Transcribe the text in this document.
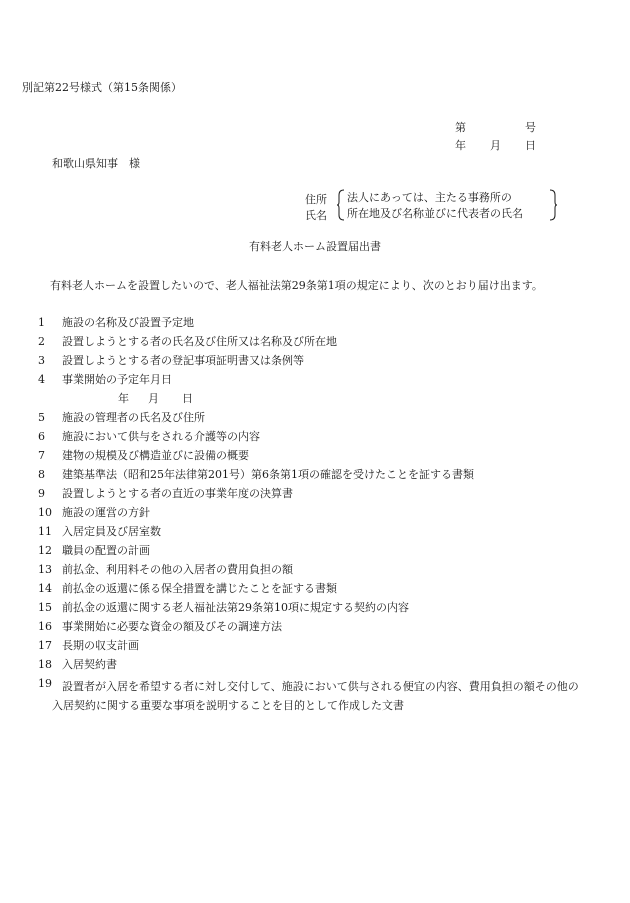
別記第22号様式（第15条関係）
第	号
年 月 日
和歌山県知事　様
住所
氏名
法人にあっては、主たる事務所の
所在地及び名称並びに代表者の氏名
有料老人ホーム設置届出書
有料老人ホームを設置したいので、老人福祉法第29条第1項の規定により、次のとおり届け出ます。
1	施設の名称及び設置予定地
2	設置しようとする者の氏名及び住所又は名称及び所在地
3	設置しようとする者の登記事項証明書又は条例等
4	事業開始の予定年月日
年 月 日
5	施設の管理者の氏名及び住所
6	施設において供与をされる介護等の内容
7	建物の規模及び構造並びに設備の概要
8	建築基準法（昭和25年法律第201号）第6条第1項の確認を受けたことを証する書類
9	設置しようとする者の直近の事業年度の決算書
10 施設の運営の方針
11 入居定員及び居室数
12 職員の配置の計画
13 前払金、利用料その他の入居者の費用負担の額
14 前払金の返還に係る保全措置を講じたことを証する書類
15 前払金の返還に関する老人福祉法第29条第10項に規定する契約の内容
16 事業開始に必要な資金の額及びその調達方法
17 長期の収支計画
18 入居契約書
19 設置者が入居を希望する者に対し交付して、施設において供与される便宜の内容、費用負担の額その他の
入居契約に関する重要な事項を説明することを目的として作成した文書
